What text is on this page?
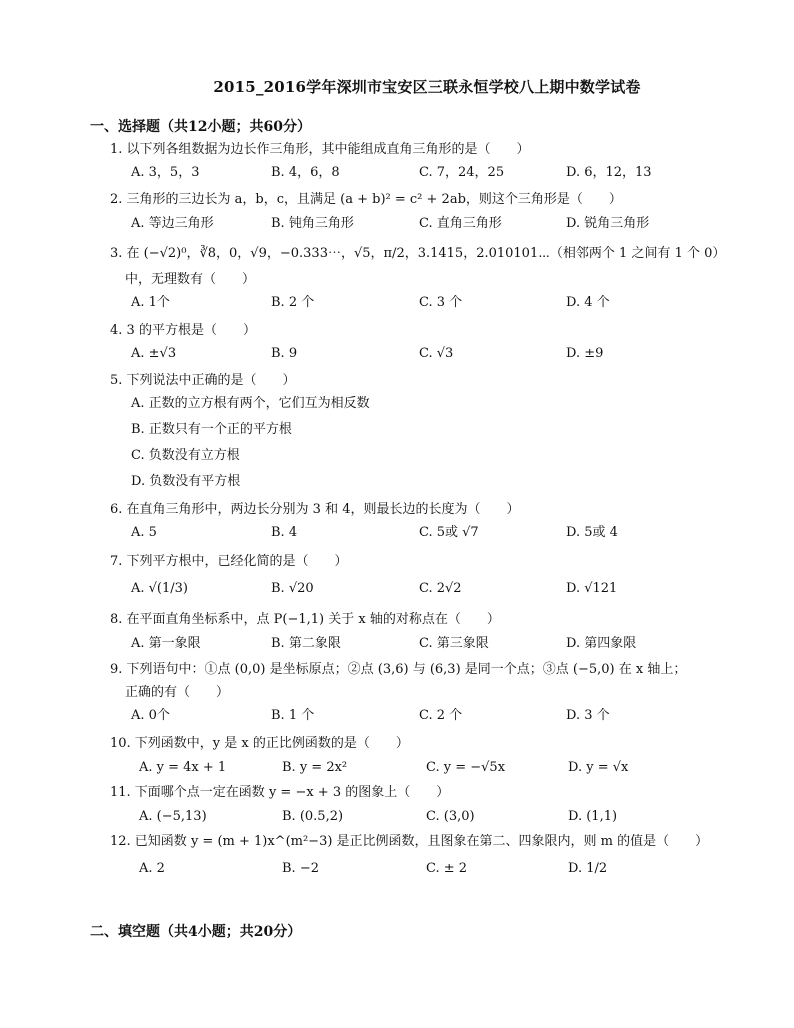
2015_2016学年深圳市宝安区三联永恒学校八上期中数学试卷
一、选择题（共12小题；共60分）
1. 以下列各组数据为边长作三角形，其中能组成直角三角形的是（　　）
A. 3，5，3	B. 4，6，8	C. 7，24，25	D. 6，12，13
2. 三角形的三边长为 a，b，c，且满足 (a + b)² = c² + 2ab，则这个三角形是（　　）
A. 等边三角形	B. 钝角三角形	C. 直角三角形	D. 锐角三角形
3. 在 (−√2)⁰，∛8，0，√9，−0.333⋯，√5，π/2，3.1415，2.010101⋯（相邻两个 1 之间有 1 个 0）
中，无理数有（　　）
A. 1个	B. 2 个	C. 3 个	D. 4 个
4. 3 的平方根是（　　）
A. ±√3	B. 9	C. √3	D. ±9
5. 下列说法中正确的是（　　）
A. 正数的立方根有两个，它们互为相反数
B. 正数只有一个正的平方根
C. 负数没有立方根
D. 负数没有平方根
6. 在直角三角形中，两边长分别为 3 和 4，则最长边的长度为（　　）
A. 5	B. 4	C. 5或 √7	D. 5或 4
7. 下列平方根中，已经化简的是（　　）
A. √(1/3)	B. √20	C. 2√2	D. √121
8. 在平面直角坐标系中，点 P(−1,1) 关于 x 轴的对称点在（　　）
A. 第一象限	B. 第二象限	C. 第三象限	D. 第四象限
9. 下列语句中：①点 (0,0) 是坐标原点；②点 (3,6) 与 (6,3) 是同一个点；③点 (−5,0) 在 x 轴上；
正确的有（　　）
A. 0个	B. 1 个	C. 2 个	D. 3 个
10. 下列函数中，y 是 x 的正比例函数的是（　　）
A. y = 4x + 1	B. y = 2x²	C. y = −√5x	D. y = √x
11. 下面哪个点一定在函数 y = −x + 3 的图象上（　　）
A. (−5,13)	B. (0.5,2)	C. (3,0)	D. (1,1)
12. 已知函数 y = (m + 1)x^(m²−3) 是正比例函数，且图象在第二、四象限内，则 m 的值是（　　）
A. 2	B. −2	C. ± 2	D. 1/2
二、填空题（共4小题；共20分）
